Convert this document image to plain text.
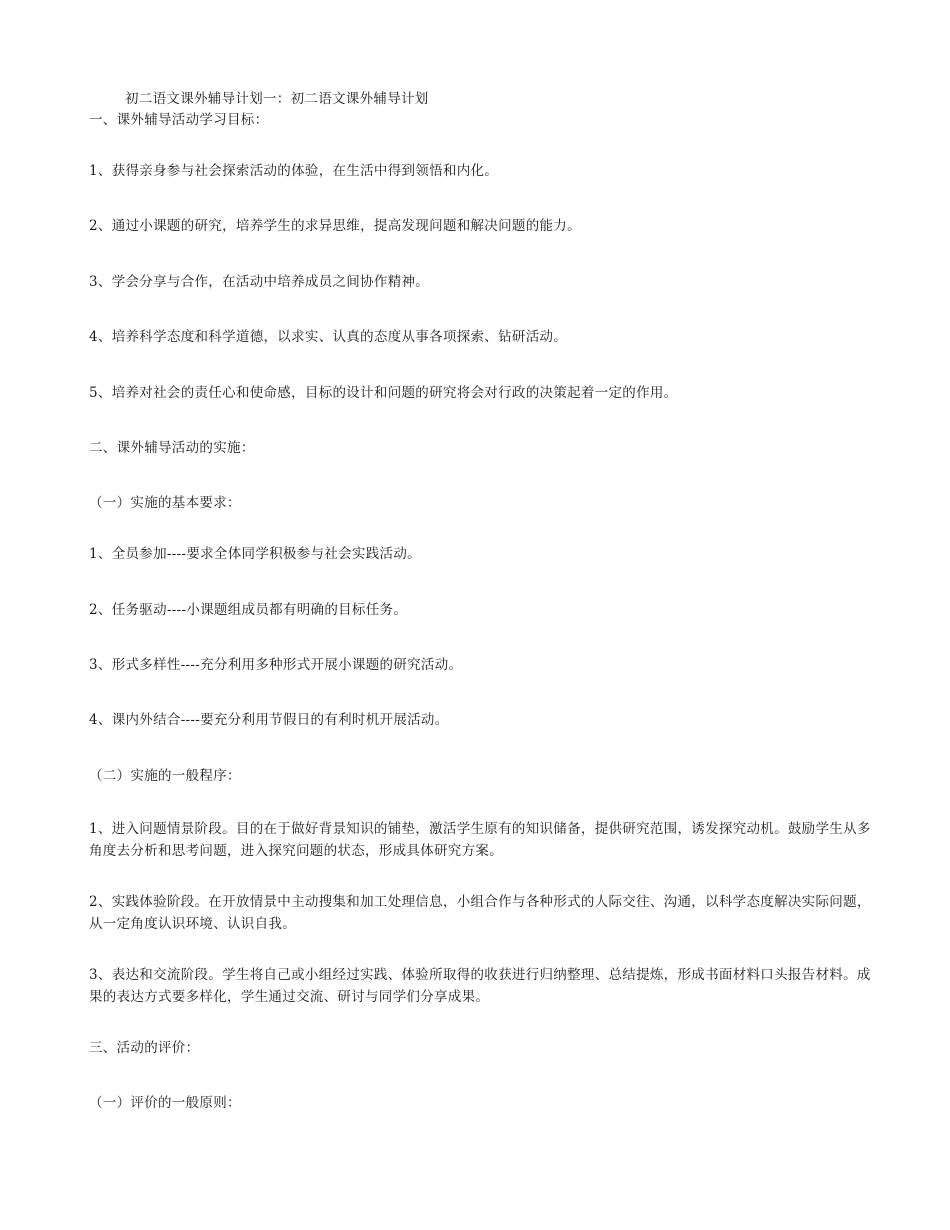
初二语文课外辅导计划一：初二语文课外辅导计划
一、课外辅导活动学习目标：
1、获得亲身参与社会探索活动的体验，在生活中得到领悟和内化。
2、通过小课题的研究，培养学生的求异思维，提高发现问题和解决问题的能力。
3、学会分享与合作，在活动中培养成员之间协作精神。
4、培养科学态度和科学道德，以求实、认真的态度从事各项探索、钻研活动。
5、培养对社会的责任心和使命感，目标的设计和问题的研究将会对行政的决策起着一定的作用。
二、课外辅导活动的实施：
（一）实施的基本要求：
1、全员参加----要求全体同学积极参与社会实践活动。
2、任务驱动----小课题组成员都有明确的目标任务。
3、形式多样性----充分利用多种形式开展小课题的研究活动。
4、课内外结合----要充分利用节假日的有利时机开展活动。
（二）实施的一般程序：
1、进入问题情景阶段。目的在于做好背景知识的铺垫，激活学生原有的知识储备，提供研究范围，诱发探究动机。鼓励学生从多角度去分析和思考问题，进入探究问题的状态，形成具体研究方案。
2、实践体验阶段。在开放情景中主动搜集和加工处理信息，小组合作与各种形式的人际交往、沟通，以科学态度解决实际问题，从一定角度认识环境、认识自我。
3、表达和交流阶段。学生将自己或小组经过实践、体验所取得的收获进行归纳整理、总结提炼，形成书面材料口头报告材料。成果的表达方式要多样化，学生通过交流、研讨与同学们分享成果。
三、活动的评价：
（一）评价的一般原则：
